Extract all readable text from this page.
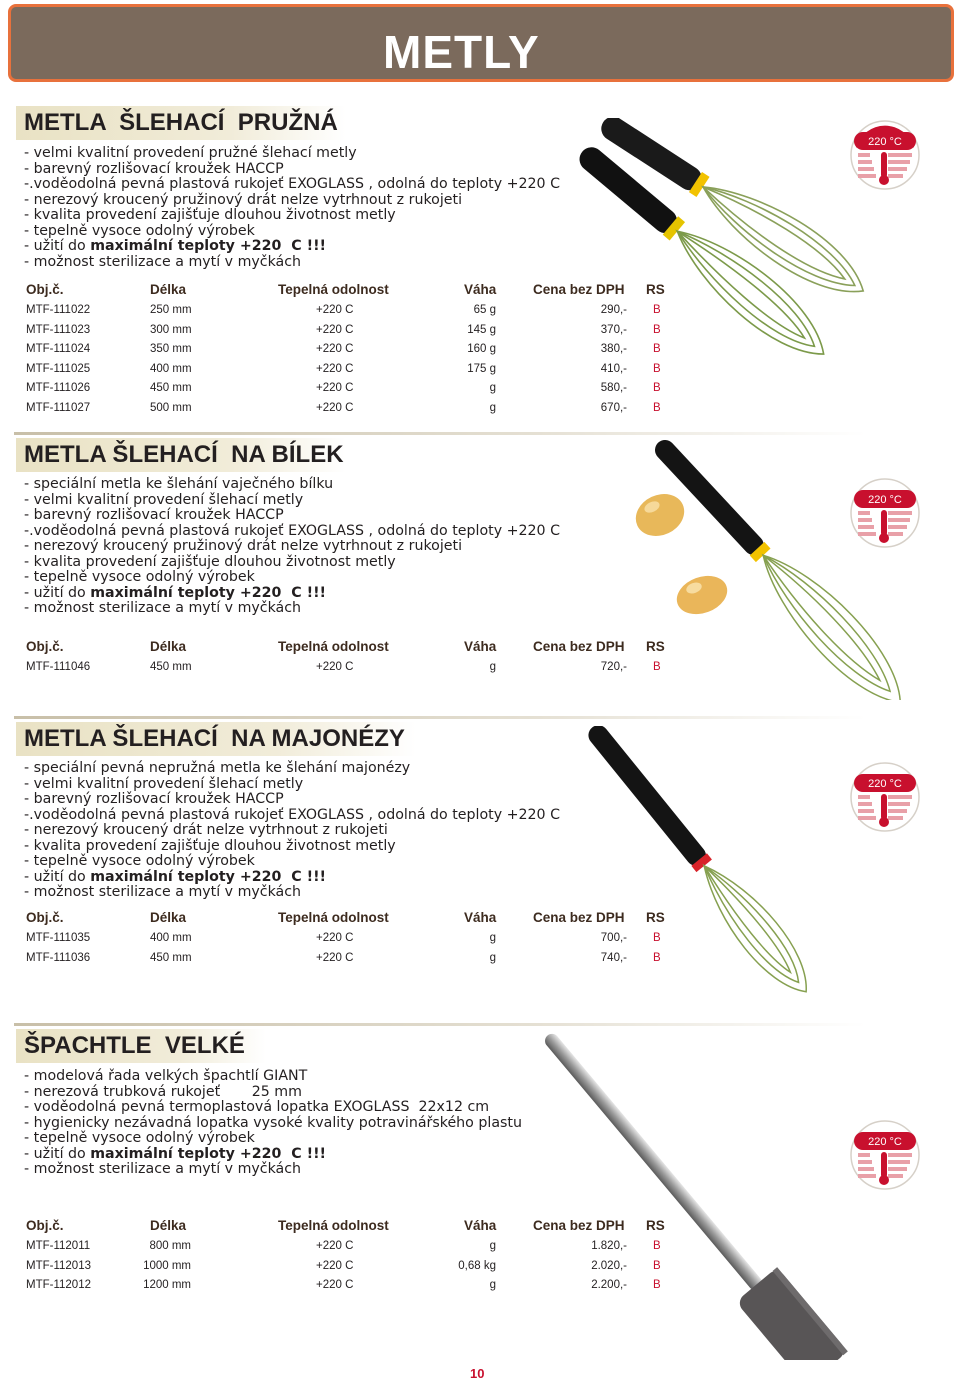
METLY
METLA  ŠLEHACÍ  PRUŽNÁ
- velmi kvalitní provedení pružné šlehací metly
- barevný rozlišovací kroužek HACCP
-.voděodolná pevná plastová rukojeť EXOGLASS , odolná do teploty +220 C
- nerezový kroucený pružinový drát nelze vytrhnout z rukojeti
- kvalita provedení zajišťuje dlouhou životnost metly
- tepelně vysoce odolný výrobek
- užití do maximální teploty +220  C !!!
- možnost sterilizace a mytí v myčkách
Obj.č.	Délka	Tepelná odolnost	Váha	Cena bez DPH RS
MTF-111022	250 mm	+220 C	65 g	290,- B
MTF-111023	300 mm	+220 C	145 g	370,- B
MTF-111024	350 mm	+220 C	160 g	380,- B
MTF-111025	400 mm	+220 C	175 g	410,- B
MTF-111026	450 mm	+220 C	g	580,- B
MTF-111027	500 mm	+220 C	g	670,- B
220 °C
METLA ŠLEHACÍ  NA BÍLEK
- speciální metla ke šlehání vaječného bílku
- velmi kvalitní provedení šlehací metly
- barevný rozlišovací kroužek HACCP
-.voděodolná pevná plastová rukojeť EXOGLASS , odolná do teploty +220 C
- nerezový kroucený pružinový drát nelze vytrhnout z rukojeti
- kvalita provedení zajišťuje dlouhou životnost metly
- tepelně vysoce odolný výrobek
- užití do maximální teploty +220  C !!!
- možnost sterilizace a mytí v myčkách
Obj.č.	Délka	Tepelná odolnost	Váha	Cena bez DPH RS
MTF-111046	450 mm	+220 C	g	720,- B
220 °C
METLA ŠLEHACÍ  NA MAJONÉZY
- speciální pevná nepružná metla ke šlehání majonézy
- velmi kvalitní provedení šlehací metly
- barevný rozlišovací kroužek HACCP
-.voděodolná pevná plastová rukojeť EXOGLASS , odolná do teploty +220 C
- nerezový kroucený drát nelze vytrhnout z rukojeti
- kvalita provedení zajišťuje dlouhou životnost metly
- tepelně vysoce odolný výrobek
- užití do maximální teploty +220  C !!!
- možnost sterilizace a mytí v myčkách
Obj.č.	Délka	Tepelná odolnost	Váha	Cena bez DPH RS
MTF-111035	400 mm	+220 C	g	700,- B
MTF-111036	450 mm	+220 C	g	740,- B
220 °C
ŠPACHTLE  VELKÉ
- modelová řada velkých špachtlí GIANT
- nerezová trubková rukojeť       25 mm
- voděodolná pevná termoplastová lopatka EXOGLASS  22x12 cm
- hygienicky nezávadná lopatka vysoké kvality potravinářského plastu
- tepelně vysoce odolný výrobek
- užití do maximální teploty +220  C !!!
- možnost sterilizace a mytí v myčkách
Obj.č.	Délka	Tepelná odolnost	Váha	Cena bez DPH RS
MTF-112011	800 mm	+220 C	g	1.820,- B
MTF-112013	1000 mm	+220 C	0,68 kg	2.020,- B
MTF-112012	1200 mm	+220 C	g	2.200,- B
220 °C
10
